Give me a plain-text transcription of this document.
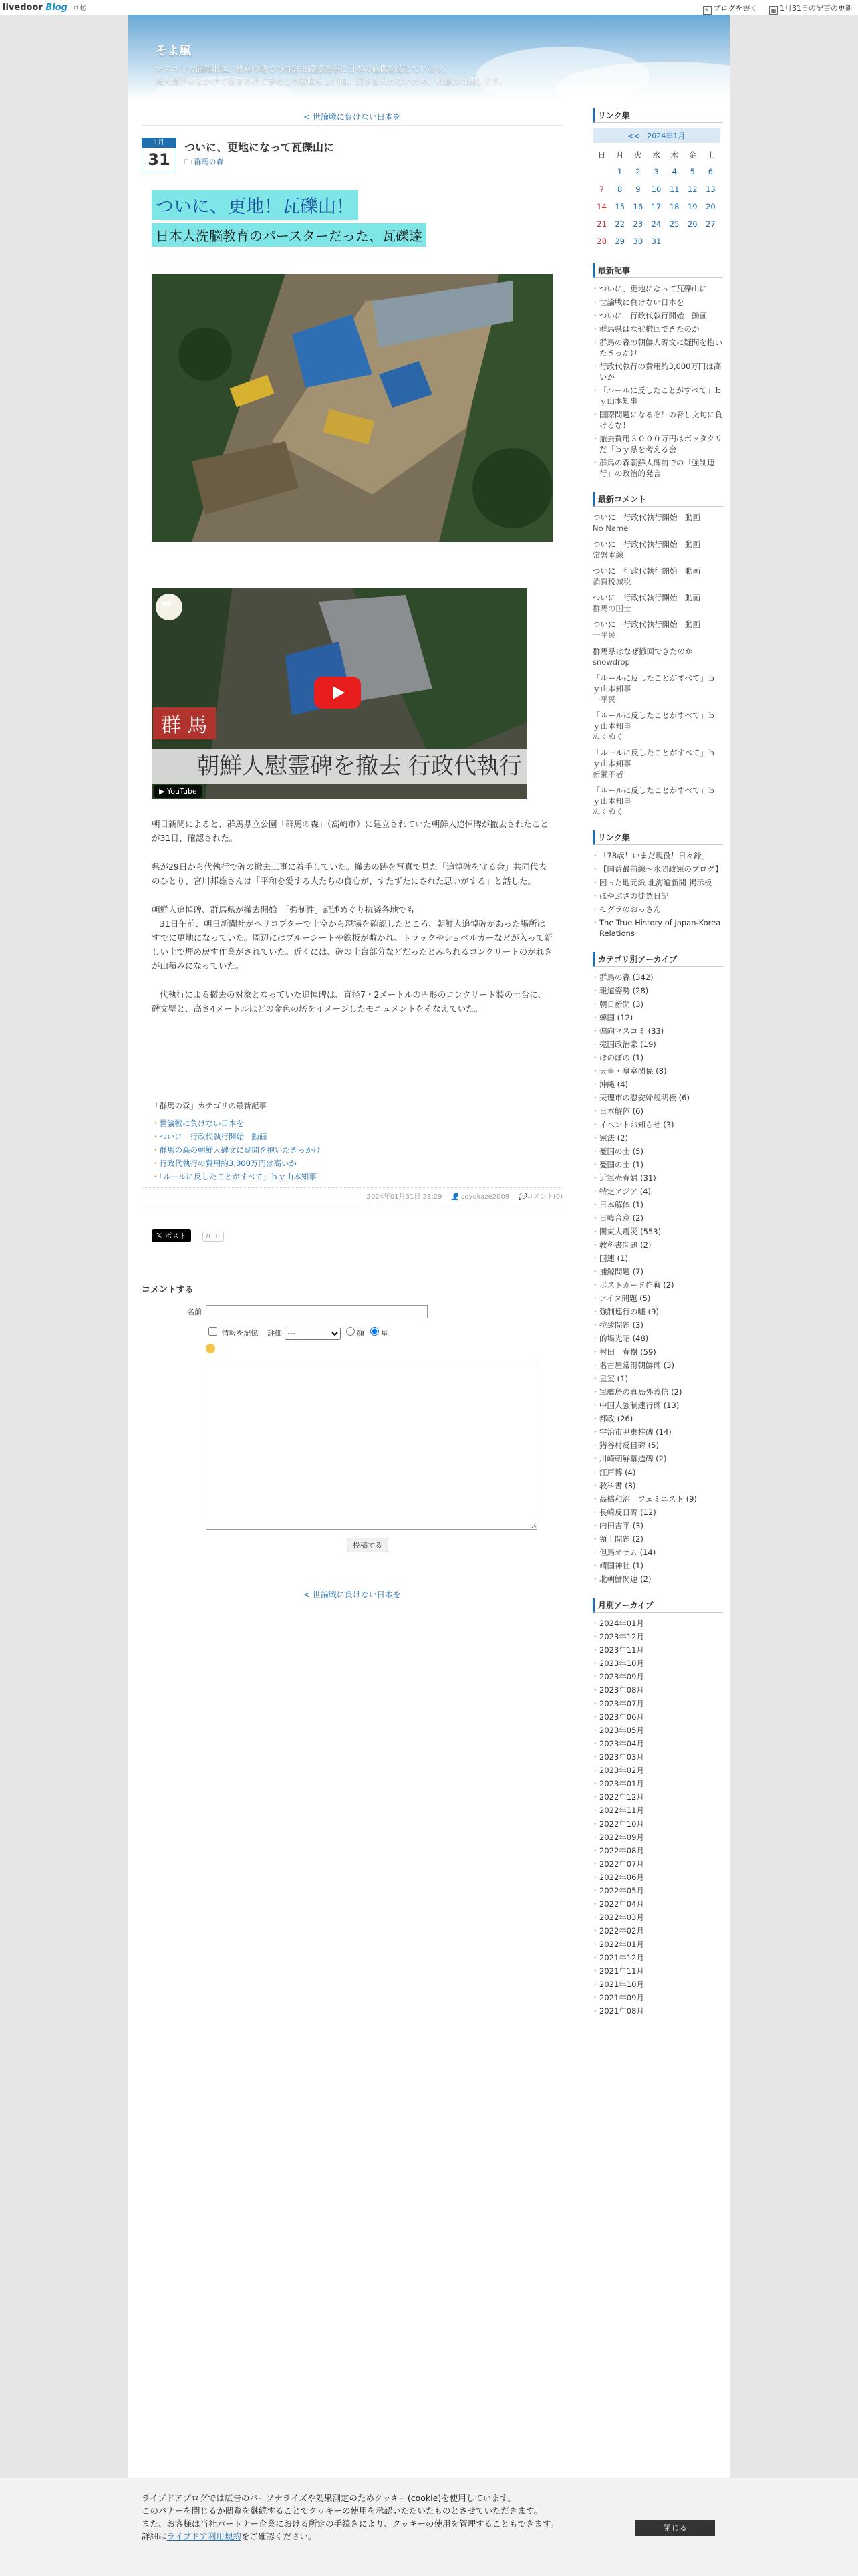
livedoor Blog ロ起	✎ ブログを書く	▦ 1月31日の記事の更新
そよ風
マスコミの偏向報道、教育の場での自虐史観授業等に日本の危機を感じています。
先人達が命をかけて築きあげてきたこの素晴らしい国、日本を失わないため、私達は行動します。
< 世論戦に負けない日本を
1月
31
ついに、更地になって瓦礫山に
🗀 群馬の森
ついに、更地！瓦礫山！
日本人洗脳教育のパースターだった、瓦礫達
➦
群 馬
朝鮮人慰霊碑を撤去 行政代執行
▶ YouTube

朝日新聞によると、群馬県立公園「群馬の森」（高崎市）に建立されていた朝鮮人追悼碑が撤去されたことが31日、確認された。

県が29日から代執行で碑の撤去工事に着手していた。撤去の跡を写真で見た「追悼碑を守る会」共同代表のひとり、宮川邦雄さんは「平和を愛する人たちの良心が、すたずたにされた思いがする」と話した。

朝鮮人追悼碑、群馬県が撤去開始　「強制性」記述めぐり抗議各地でも
31日午前、朝日新聞社がヘリコプターで上空から現場を確認したところ、朝鮮人追悼碑があった場所はすでに更地になっていた。周辺にはブルーシートや鉄板が敷かれ、トラックやショベルカーなどが入って新しい土で埋め戻す作業がされていた。近くには、碑の土台部分などだったとみられるコンクリートのがれきが山積みになっていた。

代執行による撤去の対象となっていた追悼碑は、直径7・2メートルの円形のコンクリート製の土台に、碑文壁と、高さ4メートルほどの金色の塔をイメージしたモニュメントをそなえていた。

「群馬の森」カテゴリの最新記事
・ 世論戦に負けない日本を
・ ついに　行政代執行開始　動画
・ 群馬の森の朝鮮人碑文に疑問を抱いたきっかけ
・ 行政代執行の費用約3,000万円は高いか
・ 「ルールに反したことがすべて」ｂｙ山本知事
2024年01月31日 23:29 👤 soyokaze2009 💬コメント(0)
𝕏 ポスト	B! 0
コメントする
名前
情報を記憶 評価
---	顔 星
投稿する
< 世論戦に負けない日本を
リンク集
<<　2024年1月
日	月	火	水	木	金	土
	1	2	3	4	5	6
7	8	9	10	11	12	13
14	15	16	17	18	19	20
21	22	23	24	25	26	27
28	29	30	31			
最新記事
・ ついに、更地になって瓦礫山に
・ 世論戦に負けない日本を
・ ついに　行政代執行開始　動画
・ 群馬県はなぜ撤回できたのか
・ 群馬の森の朝鮮人碑文に疑問を抱いたきっかけ
・ 行政代執行の費用約3,000万円は高いか
・ 「ルールに反したことがすべて」ｂｙ山本知事
・ 国際問題になるぞ！の脅し文句に負けるな！
・ 撤去費用３０００万円はボッタクリだ「ｂｙ県を考える会
・ 群馬の森朝鮮人碑前での「強制連行」の政治的発言
最新コメント
ついに　行政代執行開始　動画
No Name
ついに　行政代執行開始　動画
常磐本線
ついに　行政代執行開始　動画
消費税減税
ついに　行政代執行開始　動画
群馬の国士
ついに　行政代執行開始　動画
一平民
群馬県はなぜ撤回できたのか
snowdrop
「ルールに反したことがすべて」ｂｙ山本知事
一平民
「ルールに反したことがすべて」ｂｙ山本知事
ぬくぬく
「ルールに反したことがすべて」ｂｙ山本知事
新獺不者
「ルールに反したことがすべて」ｂｙ山本知事
ぬくぬく
リンク集
・ 「78歳！いまだ現役！日々録」
・ 【国益最前線～水間政憲のブログ】
・ 困った地元紙 北海道新聞 掲示板
・ ほやぶさの徒然日記
・ モグラのおっさん
・ The True History of Japan-Korea Relations
カテゴリ別アーカイブ
・ 群馬の森 (342)
・ 報道姿勢 (28)
・ 朝日新聞 (3)
・ 韓国 (12)
・ 偏向マスコミ (33)
・ 売国政治家 (19)
・ ほのぼの (1)
・ 天皇・皇室関係 (8)
・ 沖縄 (4)
・ 天理市の慰安婦説明板 (6)
・ 日本解体 (6)
・ イベントお知らせ (3)
・ 憲法 (2)
・ 憂国の士 (5)
・ 憂国の士 (1)
・ 近軍売春婦 (31)
・ 特定アジア (4)
・ 日本解体 (1)
・ 日韓合意 (2)
・ 関東大震災 (553)
・ 教科書問題 (2)
・ 国連 (1)
・ 捕鯨問題 (7)
・ ポストカード作戦 (2)
・ アイヌ問題 (5)
・ 強制連行の嘘 (9)
・ 拉致問題 (3)
・ 的場光昭 (48)
・ 村田　春樹 (59)
・ 名古屋常滑朝鮮碑 (3)
・ 皇室 (1)
・ 軍艦島の真島外義信 (2)
・ 中国人強制連行碑 (13)
・ 都政 (26)
・ 宇治市尹東柱碑 (14)
・ 猪谷村反目碑 (5)
・ 川崎朝鮮幕造碑 (2)
・ 江戸博 (4)
・ 教科書 (3)
・ 高橋和治　フェミニスト (9)
・ 長崎反日碑 (12)
・ 内田吉平 (3)
・ 領土問題 (2)
・ 但馬オサム (14)
・ 靖国神社 (1)
・ 北朝鮮関連 (2)
月別アーカイブ
・ 2024年01月
・ 2023年12月
・ 2023年11月
・ 2023年10月
・ 2023年09月
・ 2023年08月
・ 2023年07月
・ 2023年06月
・ 2023年05月
・ 2023年04月
・ 2023年03月
・ 2023年02月
・ 2023年01月
・ 2022年12月
・ 2022年11月
・ 2022年10月
・ 2022年09月
・ 2022年08月
・ 2022年07月
・ 2022年06月
・ 2022年05月
・ 2022年04月
・ 2022年03月
・ 2022年02月
・ 2022年01月
・ 2021年12月
・ 2021年11月
・ 2021年10月
・ 2021年09月
・ 2021年08月
ライブドアブログでは広告のパーソナライズや効果測定のためクッキー(cookie)を使用しています。
このバナーを閉じるか閲覧を継続することでクッキーの使用を承認いただいたものとさせていただきます。
また、お客様は当社パートナー企業における所定の手続きにより、クッキーの使用を管理することもできます。
詳細はライブドア利用規約をご確認ください。
閉じる
